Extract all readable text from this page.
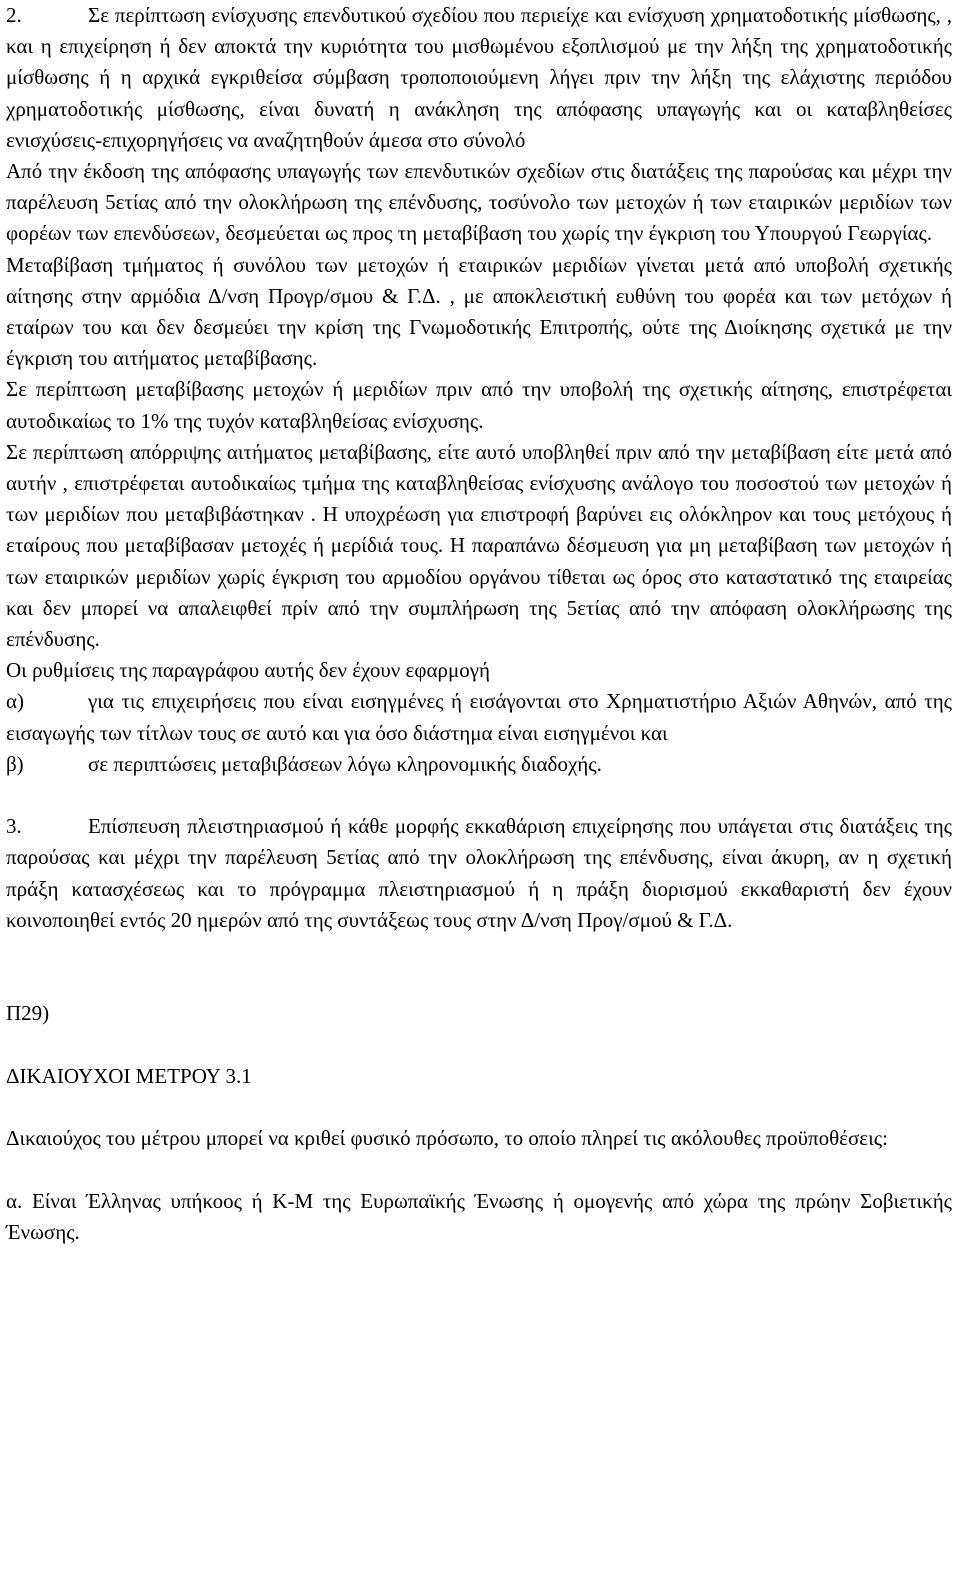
2.	Σε περίπτωση ενίσχυσης επενδυτικού σχεδίου που περιείχε και ενίσχυση χρηματοδοτικής μίσθωσης, , και η επιχείρηση ή δεν αποκτά την κυριότητα του μισθωμένου εξοπλισμού με την λήξη της χρηματοδοτικής μίσθωσης ή η αρχικά εγκριθείσα σύμβαση τροποποιούμενη λήγει πριν την λήξη της ελάχιστης περιόδου χρηματοδοτικής μίσθωσης, είναι δυνατή η ανάκληση της απόφασης υπαγωγής και οι καταβληθείσες ενισχύσεις-επιχορηγήσεις να αναζητηθούν άμεσα στο σύνολό

Από την έκδοση της απόφασης υπαγωγής των επενδυτικών σχεδίων στις διατάξεις της παρούσας και μέχρι την παρέλευση 5ετίας από την ολοκλήρωση της επένδυσης, τοσύνολο των μετοχών ή των εταιρικών μεριδίων των φορέων των επενδύσεων, δεσμεύεται ως προς τη μεταβίβαση του χωρίς την έγκριση του Υπουργού Γεωργίας.

Μεταβίβαση τμήματος ή συνόλου των μετοχών ή εταιρικών μεριδίων γίνεται μετά από υποβολή σχετικής αίτησης στην αρμόδια Δ/νση Προγρ/σμου & Γ.Δ. , με αποκλειστική ευθύνη του φορέα και των μετόχων ή εταίρων του και δεν δεσμεύει την κρίση της Γνωμοδοτικής Επιτροπής, ούτε της Διοίκησης σχετικά με την έγκριση του αιτήματος μεταβίβασης.

Σε περίπτωση μεταβίβασης μετοχών ή μεριδίων πριν από την υποβολή της σχετικής αίτησης, επιστρέφεται αυτοδικαίως το 1% της τυχόν καταβληθείσας ενίσχυσης.

Σε περίπτωση απόρριψης αιτήματος μεταβίβασης, είτε αυτό υποβληθεί πριν από την μεταβίβαση είτε μετά από αυτήν , επιστρέφεται αυτοδικαίως τμήμα της καταβληθείσας ενίσχυσης ανάλογο του ποσοστού των μετοχών ή των μεριδίων που μεταβιβάστηκαν . Η υποχρέωση για επιστροφή βαρύνει εις ολόκληρον και τους μετόχους ή εταίρους που μεταβίβασαν μετοχές ή μερίδιά τους. Η παραπάνω δέσμευση για μη μεταβίβαση των μετοχών ή των εταιρικών μεριδίων χωρίς έγκριση του αρμοδίου οργάνου τίθεται ως όρος στο καταστατικό της εταιρείας και δεν μπορεί να απαλειφθεί πρίν από την συμπλήρωση της 5ετίας από την απόφαση ολοκλήρωσης της επένδυσης.

Οι ρυθμίσεις της παραγράφου αυτής δεν έχουν εφαρμογή

α)	για τις επιχειρήσεις που είναι εισηγμένες ή εισάγονται στο Χρηματιστήριο Αξιών Αθηνών, από της εισαγωγής των τίτλων τους σε αυτό και για όσο διάστημα είναι εισηγμένοι και

β)	σε περιπτώσεις μεταβιβάσεων λόγω κληρονομικής διαδοχής.

3.	Επίσπευση πλειστηριασμού ή κάθε μορφής εκκαθάριση επιχείρησης που υπάγεται στις διατάξεις της παρούσας και μέχρι την παρέλευση 5ετίας από την ολοκλήρωση της επένδυσης, είναι άκυρη, αν η σχετική πράξη κατασχέσεως και το πρόγραμμα πλειστηριασμού ή η πράξη διορισμού εκκαθαριστή δεν έχουν κοινοποιηθεί εντός 20 ημερών από της συντάξεως τους στην Δ/νση Προγ/σμού & Γ.Δ.

Π29)

ΔΙΚΑΙΟΥΧΟΙ ΜΕΤΡΟΥ 3.1

Δικαιούχος του μέτρου μπορεί να κριθεί φυσικό πρόσωπο, το οποίο πληρεί τις ακόλουθες προϋποθέσεις:

α. Είναι Έλληνας υπήκοος ή Κ-Μ της Ευρωπαϊκής Ένωσης ή ομογενής από χώρα της πρώην Σοβιετικής Ένωσης.
